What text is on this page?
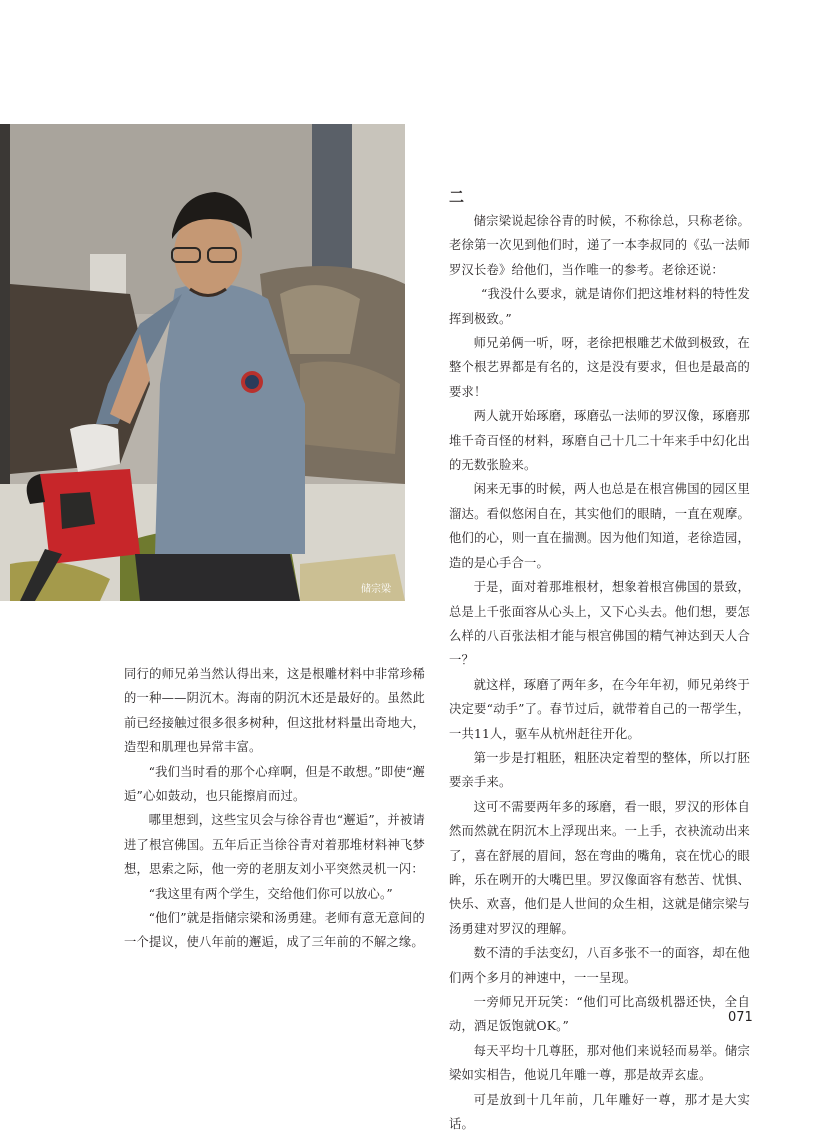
储宗梁
二

储宗梁说起徐谷青的时候，不称徐总，只称老徐。老徐第一次见到他们时，递了一本李叔同的《弘一法师罗汉长卷》给他们，当作唯一的参考。老徐还说：

“我没什么要求，就是请你们把这堆材料的特性发挥到极致。”

师兄弟俩一听，呀，老徐把根雕艺术做到极致，在整个根艺界都是有名的，这是没有要求，但也是最高的要求！

两人就开始琢磨，琢磨弘一法师的罗汉像，琢磨那堆千奇百怪的材料，琢磨自己十几二十年来手中幻化出的无数张脸来。

闲来无事的时候，两人也总是在根宫佛国的园区里溜达。看似悠闲自在，其实他们的眼睛，一直在观摩。他们的心，则一直在揣测。因为他们知道，老徐造园，造的是心手合一。

于是，面对着那堆根材，想象着根宫佛国的景致，总是上千张面容从心头上，又下心头去。他们想，要怎么样的八百张法相才能与根宫佛国的精气神达到天人合一？

就这样，琢磨了两年多，在今年年初，师兄弟终于决定要“动手”了。春节过后，就带着自己的一帮学生，一共11人，驱车从杭州赶往开化。

第一步是打粗胚，粗胚决定着型的整体，所以打胚要亲手来。

这可不需要两年多的琢磨，看一眼，罗汉的形体自然而然就在阴沉木上浮现出来。一上手，衣袂流动出来了，喜在舒展的眉间，怒在弯曲的嘴角，哀在忧心的眼眸，乐在咧开的大嘴巴里。罗汉像面容有愁苦、忧惧、快乐、欢喜，他们是人世间的众生相，这就是储宗梁与汤勇建对罗汉的理解。

数不清的手法变幻，八百多张不一的面容，却在他们两个多月的神速中，一一呈现。

一旁师兄开玩笑：“他们可比高级机器还快，全自动，酒足饭饱就OK。”

每天平均十几尊胚，那对他们来说轻而易举。储宗梁如实相告，他说几年雕一尊，那是故弄玄虚。

可是放到十几年前，几年雕好一尊，那才是大实话。

同行的师兄弟当然认得出来，这是根雕材料中非常珍稀的一种——阴沉木。海南的阴沉木还是最好的。虽然此前已经接触过很多很多树种，但这批材料量出奇地大，造型和肌理也异常丰富。

“我们当时看的那个心痒啊，但是不敢想。”即使“邂逅”心如鼓动，也只能擦肩而过。

哪里想到，这些宝贝会与徐谷青也“邂逅”，并被请进了根宫佛国。五年后正当徐谷青对着那堆材料神飞梦想，思索之际，他一旁的老朋友刘小平突然灵机一闪：

“我这里有两个学生，交给他们你可以放心。”

“他们”就是指储宗梁和汤勇建。老师有意无意间的一个提议，使八年前的邂逅，成了三年前的不解之缘。

071
